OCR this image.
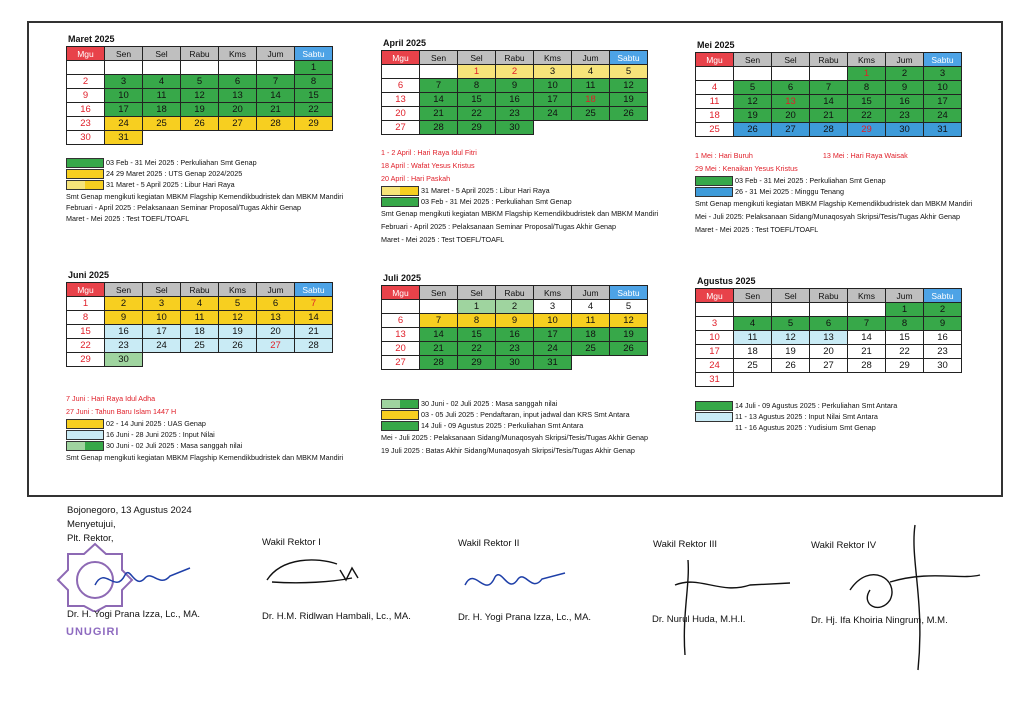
Maret 2025
Mgu	Sen	Sel	Rabu	Kms	Jum	Sabtu
						1
2	3	4	5	6	7	8
9	10	11	12	13	14	15
16	17	18	19	20	21	22
23	24	25	26	27	28	29
30	31					
03 Feb - 31 Mei 2025 : Perkuliahan Smt Genap
24 29 Maret 2025 : UTS Genap 2024/2025
31 Maret - 5 April 2025 : Libur Hari Raya
Smt Genap mengikuti kegiatan MBKM Flagship Kemendikbudristek dan MBKM Mandiri
Februari - April 2025 : Pelaksanaan Seminar Proposal/Tugas Akhir Genap
Maret - Mei 2025 : Test TOEFL/TOAFL
April 2025
Mgu	Sen	Sel	Rabu	Kms	Jum	Sabtu
		1	2	3	4	5
6	7	8	9	10	11	12
13	14	15	16	17	18	19
20	21	22	23	24	25	26
27	28	29	30			
1 - 2 April : Hari Raya Idul Fitri
18 April : Wafat Yesus Kristus
20 April : Hari Paskah
31 Maret - 5 April 2025 : Libur Hari Raya
03 Feb - 31 Mei 2025 : Perkuliahan Smt Genap
Smt Genap mengikuti kegiatan MBKM Flagship Kemendikbudristek dan MBKM Mandiri
Februari - April 2025 : Pelaksanaan Seminar Proposal/Tugas Akhir Genap
Maret - Mei 2025 : Test TOEFL/TOAFL
Mei 2025
Mgu	Sen	Sel	Rabu	Kms	Jum	Sabtu
				1	2	3
4	5	6	7	8	9	10
11	12	13	14	15	16	17
18	19	20	21	22	23	24
25	26	27	28	29	30	31
1 Mei : Hari Buruh	13 Mei : Hari Raya Waisak
29 Mei : Kenaikan Yesus Kristus
03 Feb - 31 Mei 2025 : Perkuliahan Smt Genap
26 - 31 Mei 2025 : Minggu Tenang
Smt Genap mengikuti kegiatan MBKM Flagship Kemendikbudristek dan MBKM Mandiri
Mei - Juli 2025: Pelaksanaan Sidang/Munaqosyah Skripsi/Tesis/Tugas Akhir Genap
Maret - Mei 2025 : Test TOEFL/TOAFL
Juni 2025
Mgu	Sen	Sel	Rabu	Kms	Jum	Sabtu
1	2	3	4	5	6	7
8	9	10	11	12	13	14
15	16	17	18	19	20	21
22	23	24	25	26	27	28
29	30					
7 Juni : Hari Raya Idul Adha
27 Juni : Tahun Baru Islam 1447 H
02 - 14 Juni 2025 : UAS Genap
16 Juni - 28 Juni 2025 : Input Nilai
30 Juni - 02 Juli 2025 : Masa sanggah nilai
Smt Genap mengikuti kegiatan MBKM Flagship Kemendikbudristek dan MBKM Mandiri
Juli 2025
Mgu	Sen	Sel	Rabu	Kms	Jum	Sabtu
		1	2	3	4	5
6	7	8	9	10	11	12
13	14	15	16	17	18	19
20	21	22	23	24	25	26
27	28	29	30	31		
30 Juni - 02 Juli 2025 : Masa sanggah nilai
03 - 05 Juli 2025 : Pendaftaran, input jadwal dan KRS Smt Antara
14 Juli - 09 Agustus 2025 : Perkuliahan Smt Antara
Mei - Juli 2025 : Pelaksanaan Sidang/Munaqosyah Skripsi/Tesis/Tugas Akhir Genap
19 Juli 2025 : Batas Akhir Sidang/Munaqosyah Skripsi/Tesis/Tugas Akhir Genap
Agustus 2025
Mgu	Sen	Sel	Rabu	Kms	Jum	Sabtu
					1	2
3	4	5	6	7	8	9
10	11	12	13	14	15	16
17	18	19	20	21	22	23
24	25	26	27	28	29	30
31						
14 Juli - 09 Agustus 2025 : Perkuliahan Smt Antara
11 - 13 Agustus 2025 : Input Nilai Smt Antara
11 - 16 Agustus 2025 : Yudisium Smt Genap
Bojonegoro, 13 Agustus 2024
Menyetujui,
Plt. Rektor,
UNUGIRI
Dr. H. Yogi Prana Izza, Lc., MA.
Wakil Rektor I
Dr. H.M. Ridlwan Hambali, Lc., MA.
Wakil Rektor II
Dr. H. Yogi Prana Izza, Lc., MA.
Wakil Rektor III
Dr. Nurul Huda, M.H.I.
Wakil Rektor IV
Dr. Hj. Ifa Khoiria Ningrum, M.M.
